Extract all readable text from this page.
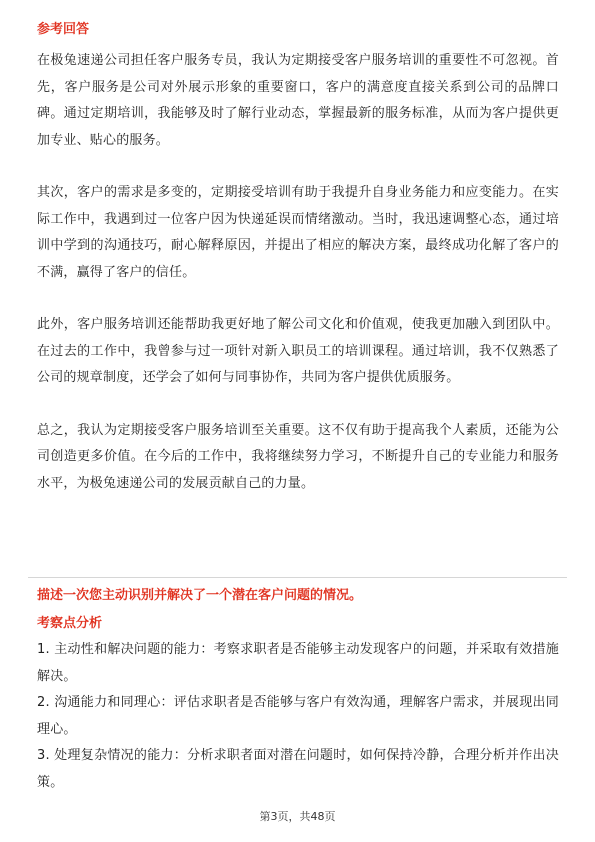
参考回答

在极兔速递公司担任客户服务专员，我认为定期接受客户服务培训的重要性不可忽视。首先，客户服务是公司对外展示形象的重要窗口，客户的满意度直接关系到公司的品牌口碑。通过定期培训，我能够及时了解行业动态，掌握最新的服务标准，从而为客户提供更加专业、贴心的服务。

其次，客户的需求是多变的，定期接受培训有助于我提升自身业务能力和应变能力。在实际工作中，我遇到过一位客户因为快递延误而情绪激动。当时，我迅速调整心态，通过培训中学到的沟通技巧，耐心解释原因，并提出了相应的解决方案，最终成功化解了客户的不满，赢得了客户的信任。

此外，客户服务培训还能帮助我更好地了解公司文化和价值观，使我更加融入到团队中。在过去的工作中，我曾参与过一项针对新入职员工的培训课程。通过培训，我不仅熟悉了公司的规章制度，还学会了如何与同事协作，共同为客户提供优质服务。

总之，我认为定期接受客户服务培训至关重要。这不仅有助于提高我个人素质，还能为公司创造更多价值。在今后的工作中，我将继续努力学习，不断提升自己的专业能力和服务水平，为极兔速递公司的发展贡献自己的力量。

描述一次您主动识别并解决了一个潜在客户问题的情况。

考察点分析

1. 主动性和解决问题的能力：考察求职者是否能够主动发现客户的问题，并采取有效措施解决。

2. 沟通能力和同理心：评估求职者是否能够与客户有效沟通，理解客户需求，并展现出同理心。

3. 处理复杂情况的能力：分析求职者面对潜在问题时，如何保持冷静，合理分析并作出决策。

第3页，共48页
